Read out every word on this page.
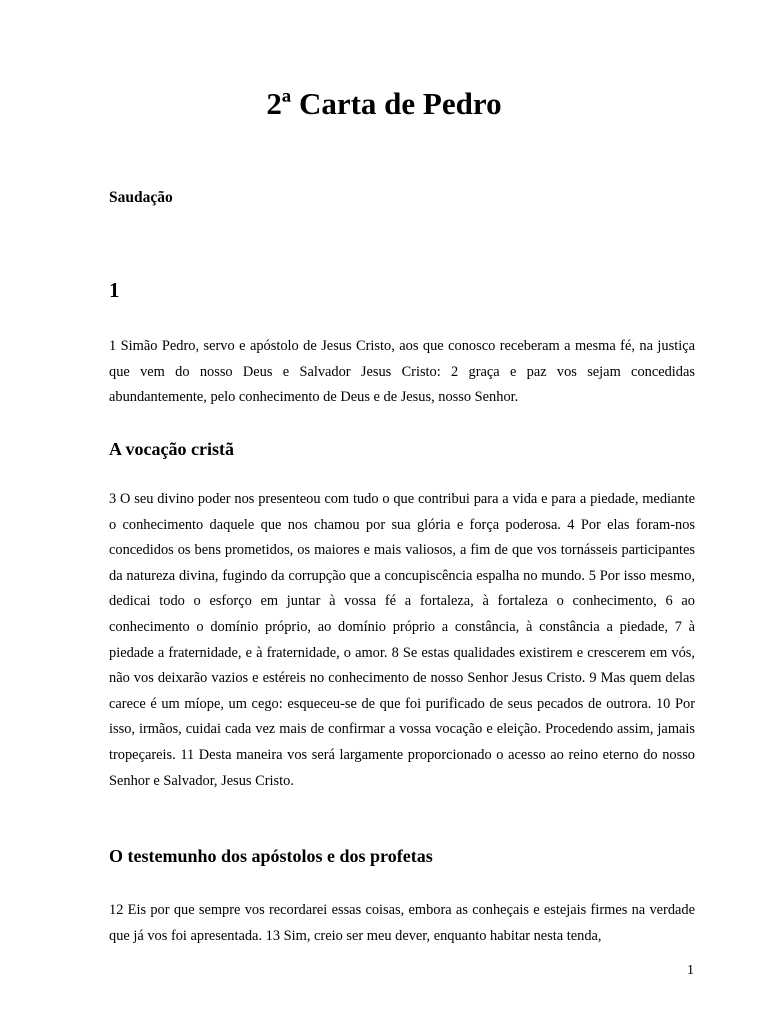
2ª Carta de Pedro
Saudação
1

1 Simão Pedro, servo e apóstolo de Jesus Cristo, aos que conosco receberam a mesma fé, na justiça que vem do nosso Deus e Salvador Jesus Cristo: 2 graça e paz vos sejam concedidas abundantemente, pelo conhecimento de Deus e de Jesus, nosso Senhor.

A vocação cristã

3 O seu divino poder nos presenteou com tudo o que contribui para a vida e para a piedade, mediante o conhecimento daquele que nos chamou por sua glória e força poderosa. 4 Por elas foram-nos concedidos os bens prometidos, os maiores e mais valiosos, a fim de que vos tornásseis participantes da natureza divina, fugindo da corrupção que a concupiscência espalha no mundo. 5 Por isso mesmo, dedicai todo o esforço em juntar à vossa fé a fortaleza, à fortaleza o conhecimento, 6 ao conhecimento o domínio próprio, ao domínio próprio a constância, à constância a piedade, 7 à piedade a fraternidade, e à fraternidade, o amor. 8 Se estas qualidades existirem e crescerem em vós, não vos deixarão vazios e estéreis no conhecimento de nosso Senhor Jesus Cristo. 9 Mas quem delas carece é um míope, um cego: esqueceu-se de que foi purificado de seus pecados de outrora. 10 Por isso, irmãos, cuidai cada vez mais de confirmar a vossa vocação e eleição. Procedendo assim, jamais tropeçareis. 11 Desta maneira vos será largamente proporcionado o acesso ao reino eterno do nosso Senhor e Salvador, Jesus Cristo.

O testemunho dos apóstolos e dos profetas

12 Eis por que sempre vos recordarei essas coisas, embora as conheçais e estejais firmes na verdade que já vos foi apresentada. 13 Sim, creio ser meu dever, enquanto habitar nesta tenda,

1
